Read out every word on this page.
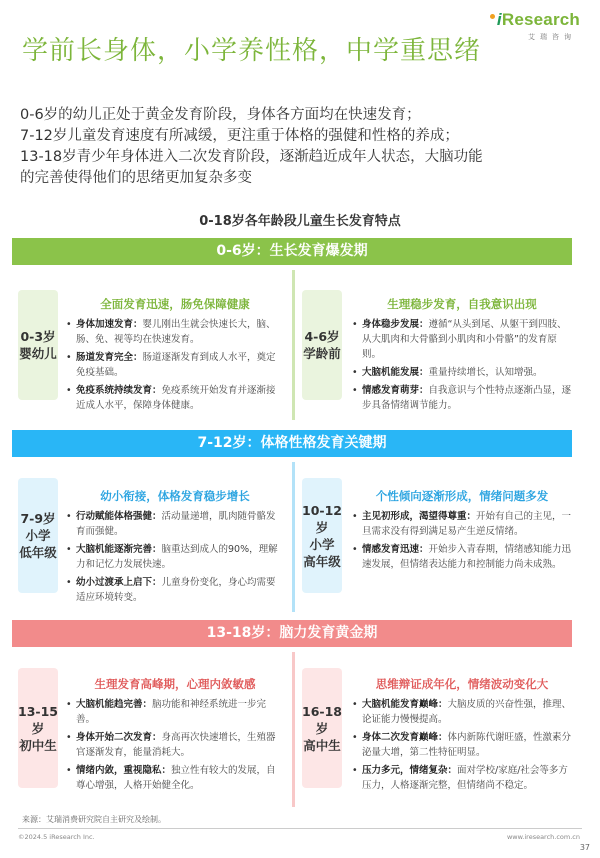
iResearch
艾瑞咨询
学前长身体，小学养性格，中学重思绪

0-6岁的幼儿正处于黄金发育阶段，身体各方面均在快速发育；

7-12岁儿童发育速度有所减缓，更注重于体格的强健和性格的养成；

13-18岁青少年身体进入二次发育阶段，逐渐趋近成年人状态，大脑功能

的完善使得他们的思绪更加复杂多变

0-18岁各年龄段儿童生长发育特点
0-6岁：生长发育爆发期
0-3岁
婴幼儿
全面发育迅速，肠免保障健康
• 身体加速发育：婴儿刚出生就会快速长大，脑、肠、免、视等均在快速发育。
• 肠道发育完全：肠道逐渐发育到成人水平，奠定免疫基础。
• 免疫系统持续发育：免疫系统开始发育并逐渐接近成人水平，保障身体健康。
4-6岁
学龄前
生理稳步发育，自我意识出现
• 身体稳步发展：遵循“从头到尾、从躯干到四肢、从大肌肉和大骨骼到小肌肉和小骨骼”的发育原则。
• 大脑机能发展：重量持续增长，认知增强。
• 情感发育萌芽：自我意识与个性特点逐渐凸显，逐步具备情绪调节能力。
7-12岁：体格性格发育关键期
7-9岁
小学
低年级
幼小衔接，体格发育稳步增长
• 行动赋能体格强健：活动量递增，肌肉随骨骼发育而强健。
• 大脑机能逐渐完善：脑重达到成人的90%，理解力和记忆力发展快速。
• 幼小过渡承上启下：儿童身份变化，身心均需要适应环境转变。
10-12岁
小学
高年级
个性倾向逐渐形成，情绪问题多发
• 主见初形成，渴望得尊重：开始有自己的主见，一旦需求没有得到满足易产生逆反情绪。
• 情感发育迅速：开始步入青春期，情绪感知能力迅速发展，但情绪表达能力和控制能力尚未成熟。
13-18岁：脑力发育黄金期
13-15岁
初中生
生理发育高峰期，心理内敛敏感
• 大脑机能趋完善：脑功能和神经系统进一步完善。
• 身体开始二次发育：身高再次快速增长，生殖器官逐渐发育，能量消耗大。
• 情绪内敛，重视隐私：独立性有较大的发展，自尊心增强，人格开始健全化。
16-18岁
高中生
思维辩证成年化，情绪波动变化大
• 大脑机能发育巅峰：大脑皮质的兴奋性强，推理、论证能力慢慢提高。
• 身体二次发育巅峰：体内新陈代谢旺盛，性激素分泌量大增，第二性特征明显。
• 压力多元，情绪复杂：面对学校/家庭/社会等多方压力，人格逐渐完整，但情绪尚不稳定。
来源：艾瑞消费研究院自主研究及绘制。
©2024.5 iResearch Inc.	www.iresearch.com.cn
37
